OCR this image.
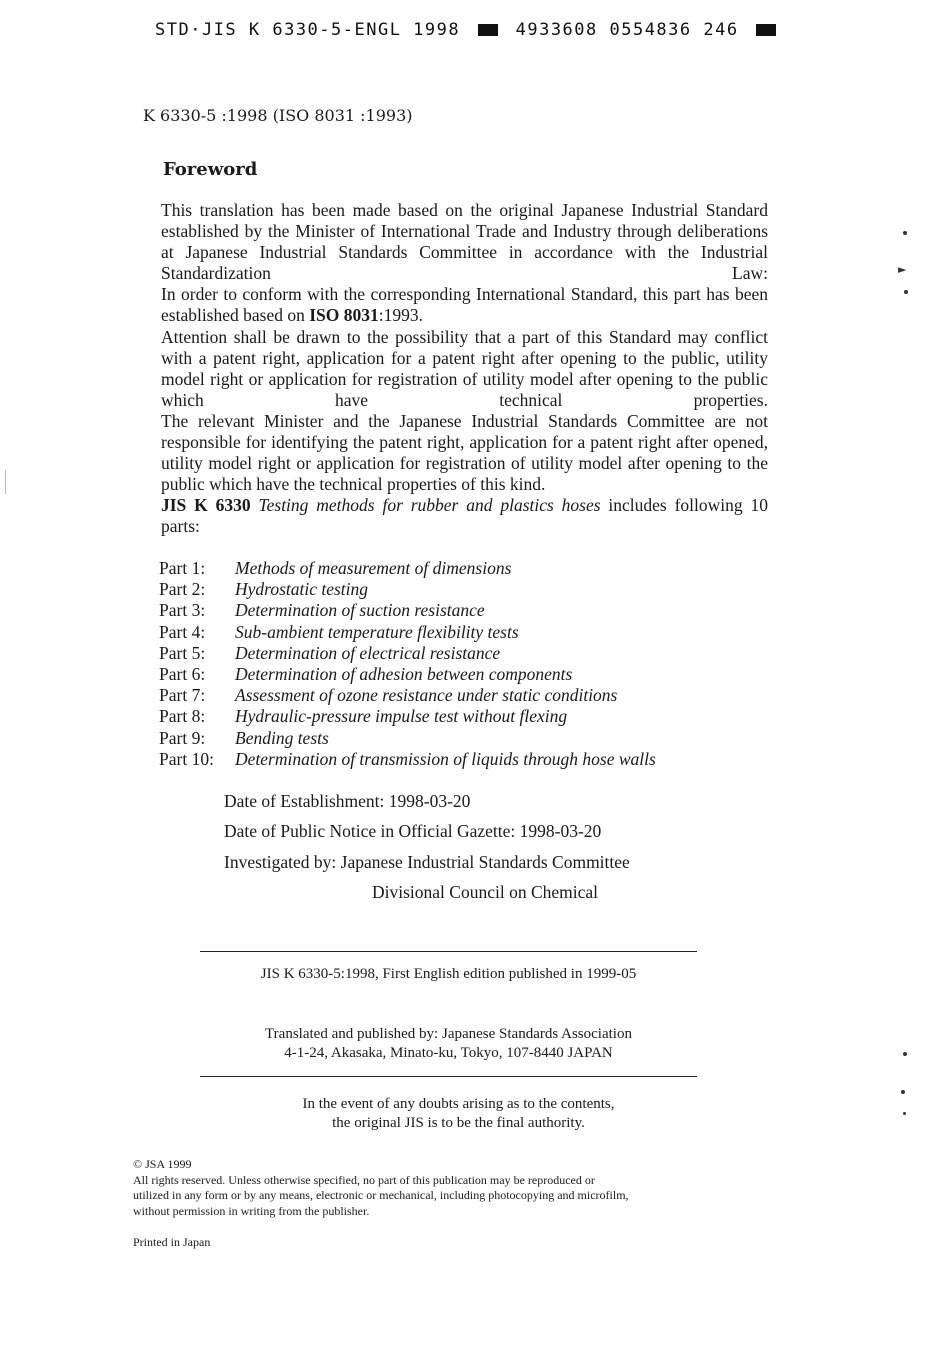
STD·JIS K 6330-5-ENGL 1998	4933608 0554836 246
K 6330-5 :1998 (ISO 8031 :1993)
Foreword

This translation has been made based on the original Japanese Industrial Standard established by the Minister of International Trade and Industry through deliberations at Japanese Industrial Standards Committee in accordance with the Industrial Standardization Law:

In order to conform with the corresponding International Standard, this part has been established based on ISO 8031:1993.

Attention shall be drawn to the possibility that a part of this Standard may conflict with a patent right, application for a patent right after opening to the public, utility model right or application for registration of utility model after opening to the public which have technical properties.

The relevant Minister and the Japanese Industrial Standards Committee are not responsible for identifying the patent right, application for a patent right after opened, utility model right or application for registration of utility model after opening to the public which have the technical properties of this kind.

JIS K 6330 Testing methods for rubber and plastics hoses includes following 10 parts:

Part 1: Methods of measurement of dimensions
Part 2: Hydrostatic testing
Part 3: Determination of suction resistance
Part 4: Sub-ambient temperature flexibility tests
Part 5: Determination of electrical resistance
Part 6: Determination of adhesion between components
Part 7: Assessment of ozone resistance under static conditions
Part 8: Hydraulic-pressure impulse test without flexing
Part 9: Bending tests
Part 10: Determination of transmission of liquids through hose walls
Date of Establishment: 1998-03-20
Date of Public Notice in Official Gazette: 1998-03-20
Investigated by: Japanese Industrial Standards Committee
Divisional Council on Chemical
JIS K 6330-5:1998, First English edition published in 1999-05
Translated and published by: Japanese Standards Association
4-1-24, Akasaka, Minato-ku, Tokyo, 107-8440 JAPAN
In the event of any doubts arising as to the contents,
the original JIS is to be the final authority.
© JSA 1999
All rights reserved. Unless otherwise specified, no part of this publication may be reproduced or
utilized in any form or by any means, electronic or mechanical, including photocopying and microfilm,
without permission in writing from the publisher.
Printed in Japan
►
